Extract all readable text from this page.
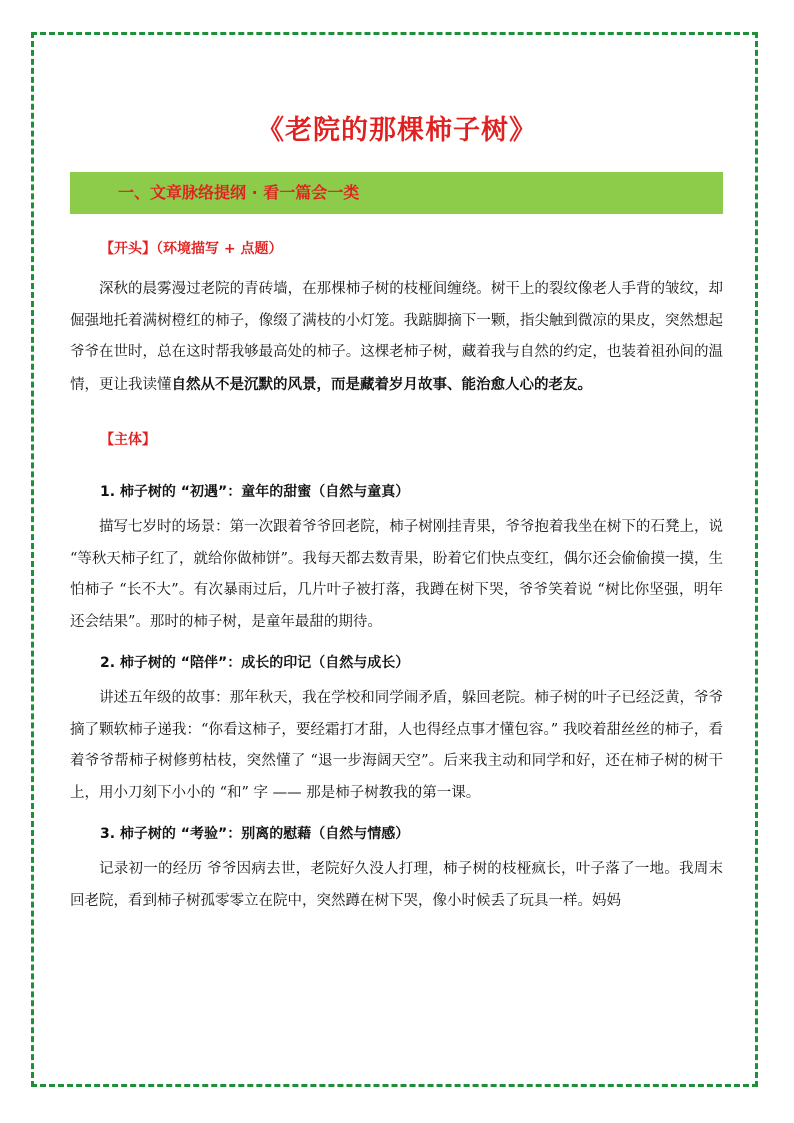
《老院的那棵柿子树》
一、文章脉络提纲 · 看一篇会一类
【开头】（环境描写 + 点题）

深秋的晨雾漫过老院的青砖墙，在那棵柿子树的枝桠间缠绕。树干上的裂纹像老人手背的皱纹，却倔强地托着满树橙红的柿子，像缀了满枝的小灯笼。我踮脚摘下一颗，指尖触到微凉的果皮，突然想起爷爷在世时，总在这时帮我够最高处的柿子。这棵老柿子树，藏着我与自然的约定，也装着祖孙间的温情，更让我读懂自然从不是沉默的风景，而是藏着岁月故事、能治愈人心的老友。

【主体】
1. 柿子树的 “初遇”：童年的甜蜜（自然与童真）

描写七岁时的场景：第一次跟着爷爷回老院，柿子树刚挂青果，爷爷抱着我坐在树下的石凳上，说 “等秋天柿子红了，就给你做柿饼”。我每天都去数青果，盼着它们快点变红，偶尔还会偷偷摸一摸，生怕柿子 “长不大”。有次暴雨过后，几片叶子被打落，我蹲在树下哭，爷爷笑着说 “树比你坚强，明年还会结果”。那时的柿子树，是童年最甜的期待。

2. 柿子树的 “陪伴”：成长的印记（自然与成长）

讲述五年级的故事：那年秋天，我在学校和同学闹矛盾，躲回老院。柿子树的叶子已经泛黄，爷爷摘了颗软柿子递我：“你看这柿子，要经霜打才甜，人也得经点事才懂包容。” 我咬着甜丝丝的柿子，看着爷爷帮柿子树修剪枯枝，突然懂了 “退一步海阔天空”。后来我主动和同学和好，还在柿子树的树干上，用小刀刻下小小的 “和” 字 —— 那是柿子树教我的第一课。

3. 柿子树的 “考验”：别离的慰藉（自然与情感）

记录初一的经历 爷爷因病去世，老院好久没人打理，柿子树的枝桠疯长，叶子落了一地。我周末回老院，看到柿子树孤零零立在院中，突然蹲在树下哭，像小时候丢了玩具一样。妈妈
